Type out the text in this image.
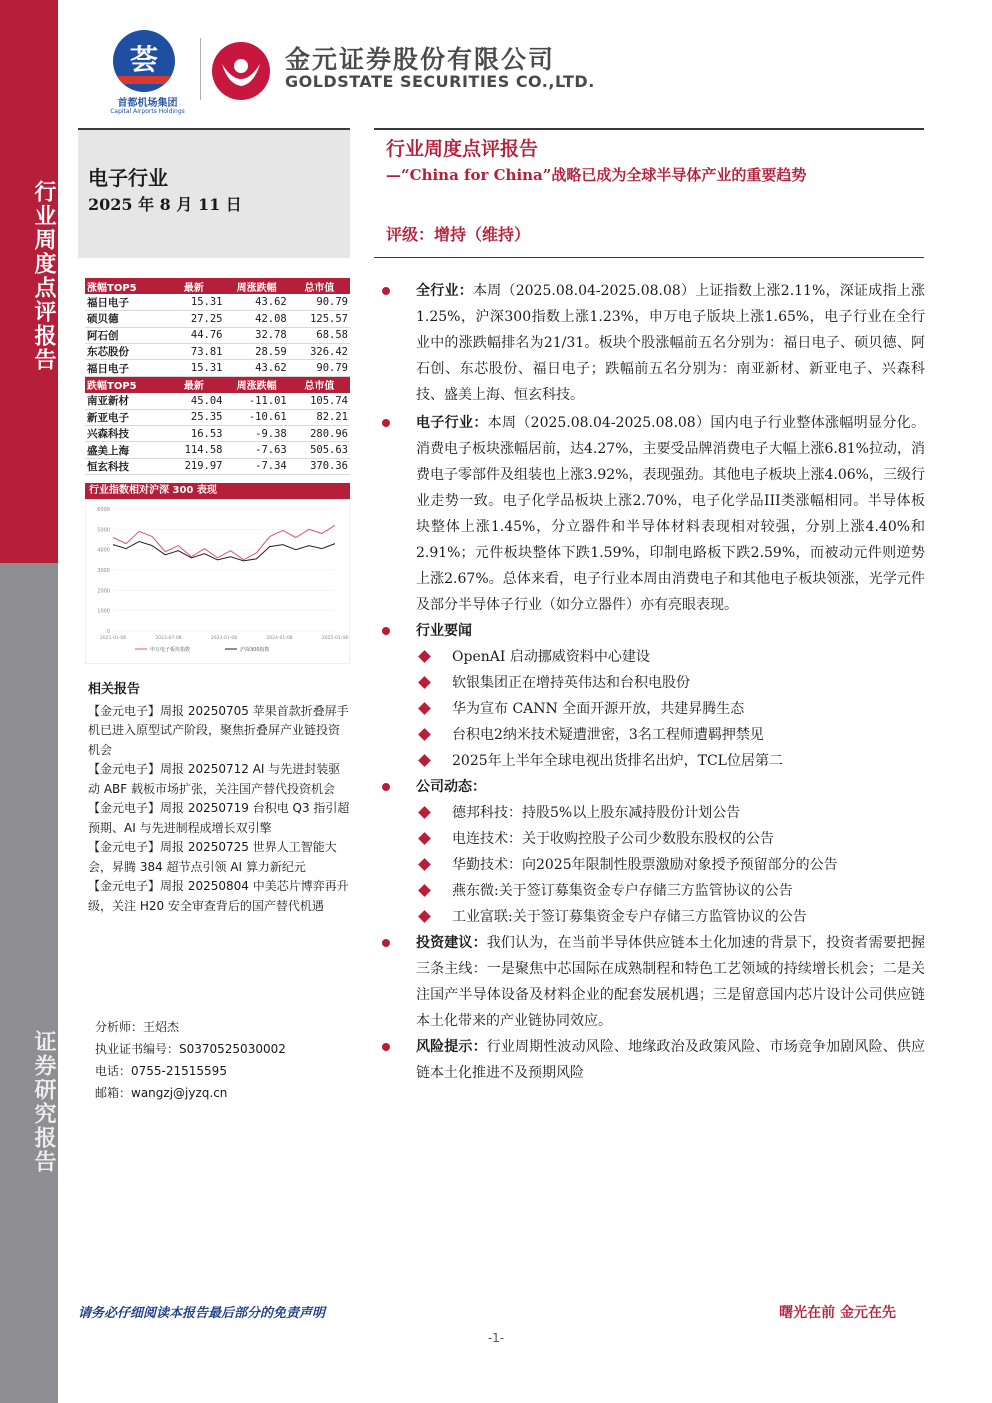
行业周度点评报告
证券研究报告
荟
首都机场集团
Capital Airports Holdings
金元证券股份有限公司
GOLDSTATE SECURITIES CO.,LTD.
电子行业
2025 年 8 月 11 日
行业周度点评报告
—“China for China”战略已成为全球半导体产业的重要趋势
评级：增持（维持）
涨幅TOP5	最新	周涨跌幅	总市值
福日电子	15.31	43.62	90.79
硕贝德	27.25	42.08	125.57
阿石创	44.76	32.78	68.58
东芯股份	73.81	28.59	326.42
福日电子	15.31	43.62	90.79
跌幅TOP5	最新	周涨跌幅	总市值
南亚新材	45.04	-11.01	105.74
新亚电子	25.35	-10.61	82.21
兴森科技	16.53	-9.38	280.96
盛美上海	114.58	-7.63	505.63
恒玄科技	219.97	-7.34	370.36
行业指数相对沪深 300 表现
0
1000
2000
3000
4000
5000
6000
2021-01-08	2023-07-08	2023-01-08	2024-01-08	2025-01-08
申万电子板块指数	沪深300指数
相关报告
【金元电子】周报 20250705 苹果首款折叠屏手机已进入原型试产阶段，聚焦折叠屏产业链投资机会
【金元电子】周报 20250712 AI 与先进封装驱动 ABF 载板市场扩张，关注国产替代投资机会
【金元电子】周报 20250719 台积电 Q3 指引超预期、AI 与先进制程成增长双引擎
【金元电子】周报 20250725 世界人工智能大会，昇腾 384 超节点引领 AI 算力新纪元
【金元电子】周报 20250804 中美芯片博弈再升级，关注 H20 安全审查背后的国产替代机遇
分析师：王炤杰
执业证书编号：S0370525030002
电话：0755-21515595
邮箱：wangzj@jyzq.cn
全行业：本周（2025.08.04-2025.08.08）上证指数上涨2.11%，深证成指上涨1.25%，沪深300指数上涨1.23%，申万电子版块上涨1.65%，电子行业在全行业中的涨跌幅排名为21/31。板块个股涨幅前五名分别为：福日电子、硕贝德、阿石创、东芯股份、福日电子；跌幅前五名分别为：南亚新材、新亚电子、兴森科技、盛美上海、恒玄科技。
电子行业：本周（2025.08.04-2025.08.08）国内电子行业整体涨幅明显分化。消费电子板块涨幅居前，达4.27%，主要受品牌消费电子大幅上涨6.81%拉动，消费电子零部件及组装也上涨3.92%，表现强劲。其他电子板块上涨4.06%，三级行业走势一致。电子化学品板块上涨2.70%，电子化学品III类涨幅相同。半导体板块整体上涨1.45%，分立器件和半导体材料表现相对较强，分别上涨4.40%和2.91%；元件板块整体下跌1.59%，印制电路板下跌2.59%，而被动元件则逆势上涨2.67%。总体来看，电子行业本周由消费电子和其他电子板块领涨，光学元件及部分半导体子行业（如分立器件）亦有亮眼表现。
行业要闻
OpenAI 启动挪威资料中心建设
软银集团正在增持英伟达和台积电股份
华为宣布 CANN 全面开源开放，共建昇腾生态
台积电2纳米技术疑遭泄密，3名工程师遭羁押禁见
2025年上半年全球电视出货排名出炉，TCL位居第二
公司动态：
德邦科技：持股5%以上股东减持股份计划公告
电连技术：关于收购控股子公司少数股东股权的公告
华勤技术：向2025年限制性股票激励对象授予预留部分的公告
燕东微:关于签订募集资金专户存储三方监管协议的公告
工业富联:关于签订募集资金专户存储三方监管协议的公告
投资建议：我们认为，在当前半导体供应链本土化加速的背景下，投资者需要把握三条主线：一是聚焦中芯国际在成熟制程和特色工艺领域的持续增长机会；二是关注国产半导体设备及材料企业的配套发展机遇；三是留意国内芯片设计公司供应链本土化带来的产业链协同效应。
风险提示：行业周期性波动风险、地缘政治及政策风险、市场竞争加剧风险、供应链本土化推进不及预期风险
请务必仔细阅读本报告最后部分的免责声明	曙光在前 金元在先
-1-
